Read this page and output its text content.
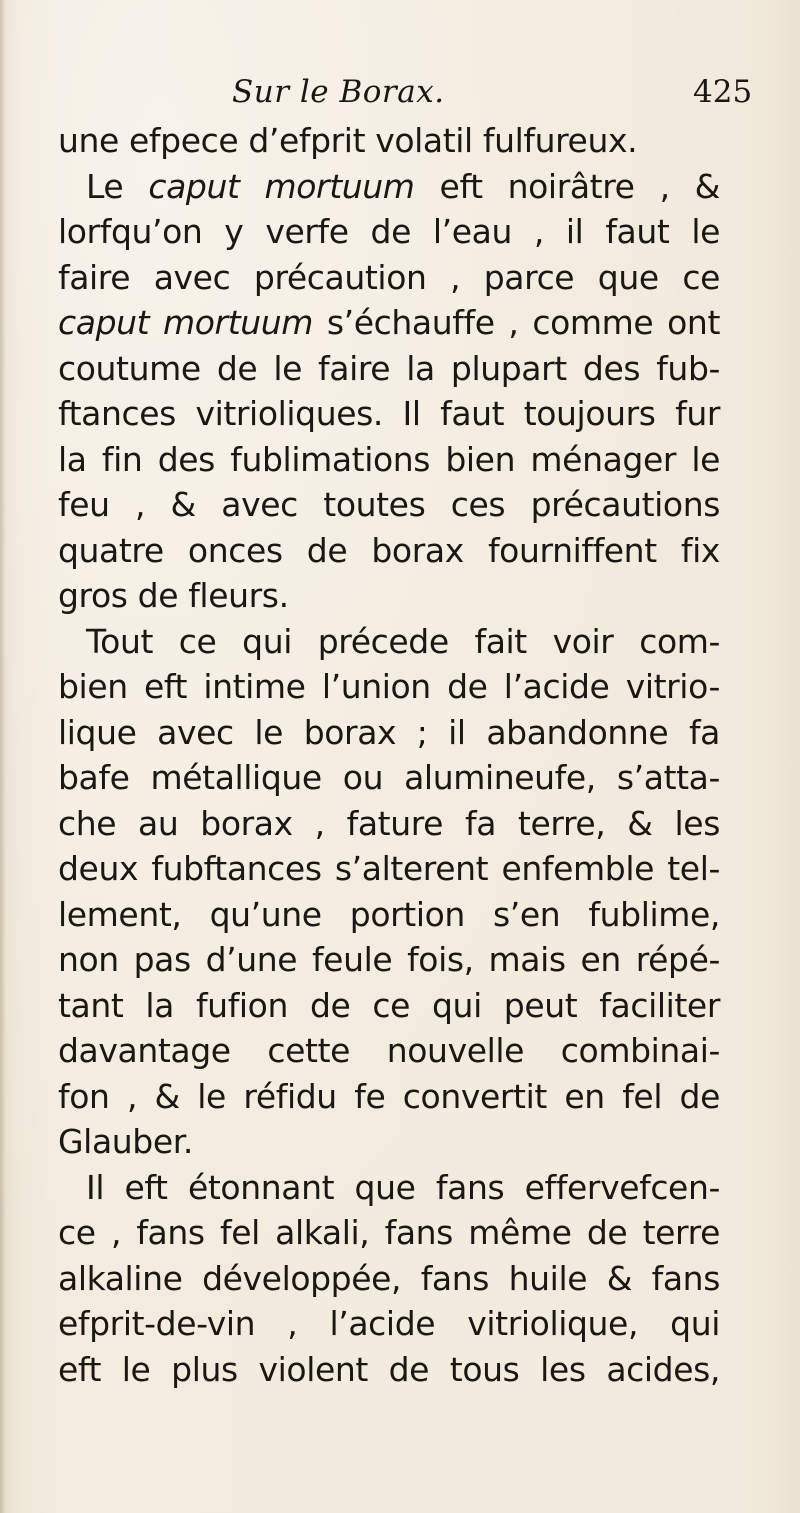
Sur le Borax.	425
une efpece d’efprit volatil fulfureux.
Le caput mortuum eft noirâtre , &
lorfqu’on y verfe de l’eau , il faut le
faire avec précaution , parce que ce
caput mortuum s’échauffe , comme ont
coutume de le faire la plupart des fub-
ftances vitrioliques. Il faut toujours fur
la fin des fublimations bien ménager le
feu , & avec toutes ces précautions
quatre onces de borax fourniffent fix
gros de fleurs.
Tout ce qui précede fait voir com-
bien eft intime l’union de l’acide vitrio-
lique avec le borax ; il abandonne fa
bafe métallique ou alumineufe, s’atta-
che au borax , fature fa terre, & les
deux fubftances s’alterent enfemble tel-
lement, qu’une portion s’en fublime,
non pas d’une feule fois, mais en répé-
tant la fufion de ce qui peut faciliter
davantage cette nouvelle combinai-
fon , & le réfidu fe convertit en fel de
Glauber.
Il eft étonnant que fans effervefcen-
ce , fans fel alkali, fans même de terre
alkaline développée, fans huile & fans
efprit-de-vin , l’acide vitriolique, qui
eft le plus violent de tous les acides,
